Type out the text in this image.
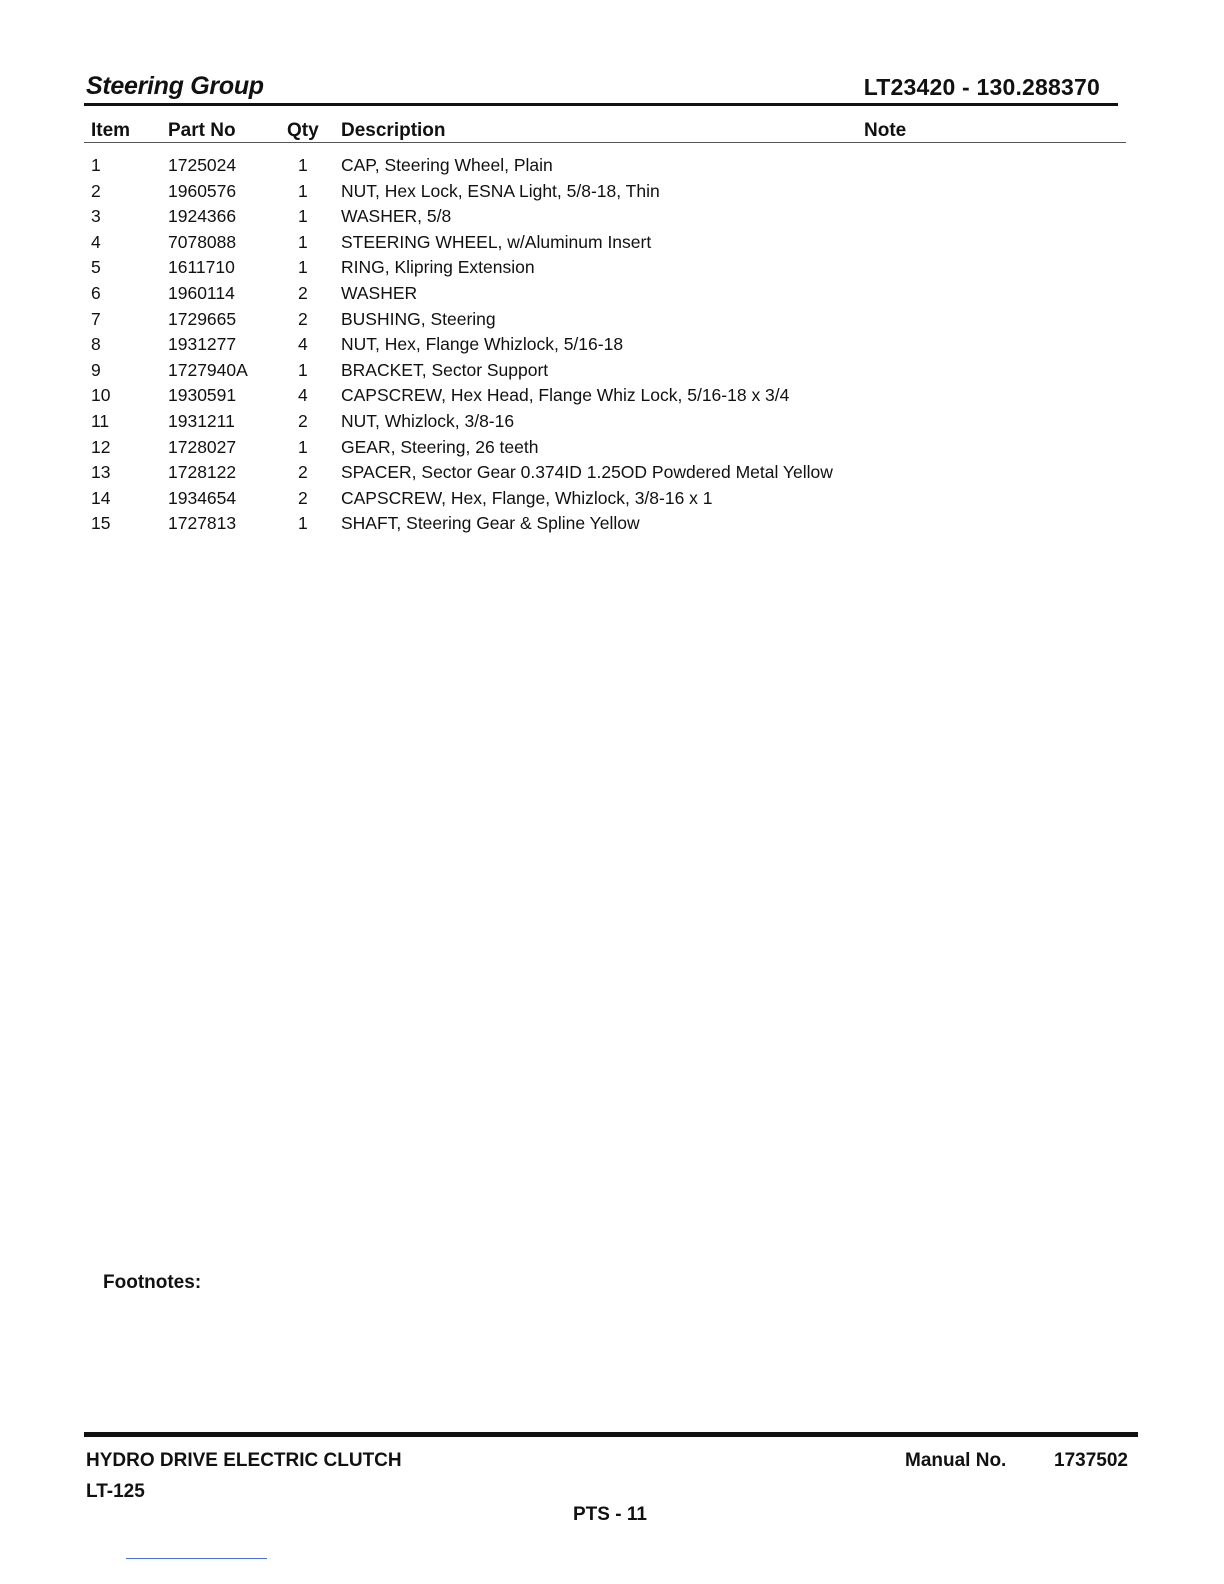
Steering Group	LT23420 - 130.288370
Item Part No	Qty Description	Note
1	1725024	1 CAP, Steering Wheel, Plain
2	1960576	1 NUT, Hex Lock, ESNA Light, 5/8-18, Thin
3	1924366	1 WASHER, 5/8
4	7078088	1 STEERING WHEEL, w/Aluminum Insert
5	1611710	1 RING, Klipring Extension
6	1960114	2 WASHER
7	1729665	2 BUSHING, Steering
8	1931277	4 NUT, Hex, Flange Whizlock, 5/16-18
9	1727940A	1 BRACKET, Sector Support
10	1930591	4 CAPSCREW, Hex Head, Flange Whiz Lock, 5/16-18 x 3/4
11	1931211	2 NUT, Whizlock, 3/8-16
12	1728027	1 GEAR, Steering, 26 teeth
13	1728122	2 SPACER, Sector Gear 0.374ID 1.25OD Powdered Metal Yellow
14	1934654	2 CAPSCREW, Hex, Flange, Whizlock, 3/8-16 x 1
15	1727813	1 SHAFT, Steering Gear & Spline Yellow
Footnotes:
HYDRO DRIVE ELECTRIC CLUTCH
LT-125
Manual No.	1737502
PTS - 11
